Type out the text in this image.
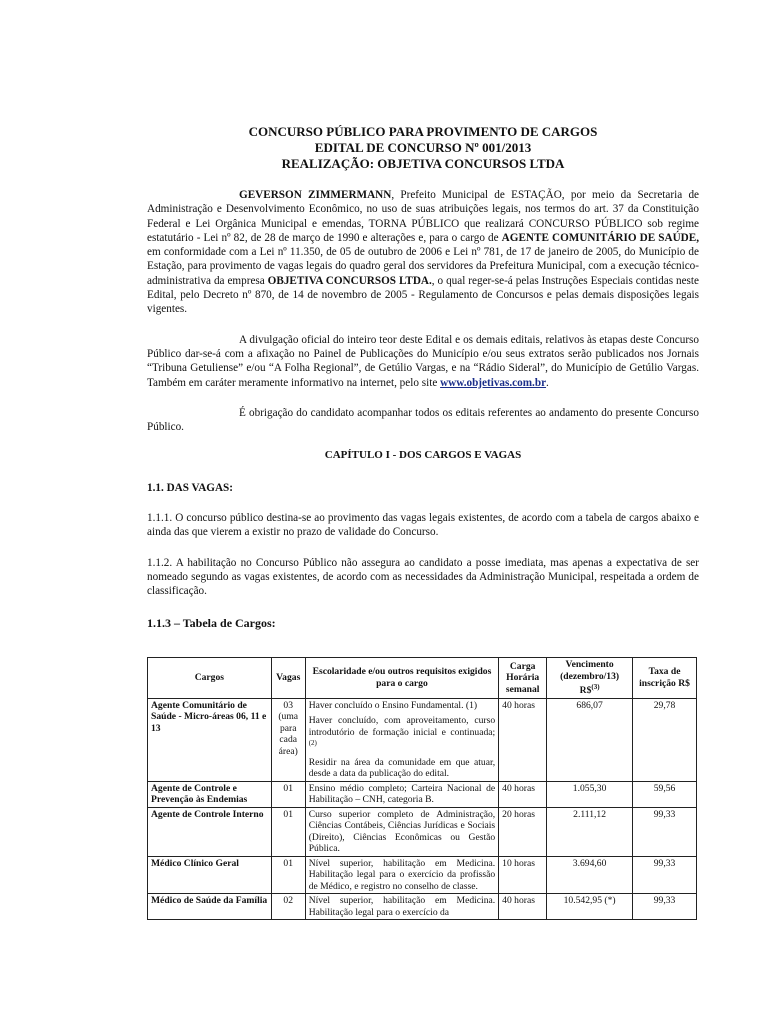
CONCURSO PÚBLICO PARA PROVIMENTO DE CARGOS

EDITAL DE CONCURSO Nº 001/2013

REALIZAÇÃO: OBJETIVA CONCURSOS LTDA

GEVERSON ZIMMERMANN, Prefeito Municipal de ESTAÇÃO, por meio da Secretaria de Administração e Desenvolvimento Econômico, no uso de suas atribuições legais, nos termos do art. 37 da Constituição Federal e Lei Orgânica Municipal e emendas, TORNA PÚBLICO que realizará CONCURSO PÚBLICO sob regime estatutário - Lei nº 82, de 28 de março de 1990 e alterações e, para o cargo de AGENTE COMUNITÁRIO DE SAÚDE, em conformidade com a Lei nº 11.350, de 05 de outubro de 2006 e Lei nº 781, de 17 de janeiro de 2005, do Município de Estação, para provimento de vagas legais do quadro geral dos servidores da Prefeitura Municipal, com a execução técnico-administrativa da empresa OBJETIVA CONCURSOS LTDA., o qual reger-se-á pelas Instruções Especiais contidas neste Edital, pelo Decreto nº 870, de 14 de novembro de 2005 - Regulamento de Concursos e pelas demais disposições legais vigentes.

A divulgação oficial do inteiro teor deste Edital e os demais editais, relativos às etapas deste Concurso Público dar-se-á com a afixação no Painel de Publicações do Município e/ou seus extratos serão publicados nos Jornais “Tribuna Getuliense” e/ou “A Folha Regional”, de Getúlio Vargas, e na “Rádio Sideral”, do Município de Getúlio Vargas. Também em caráter meramente informativo na internet, pelo site www.objetivas.com.br.

É obrigação do candidato acompanhar todos os editais referentes ao andamento do presente Concurso Público.

CAPÍTULO I - DOS CARGOS E VAGAS

1.1. DAS VAGAS:

1.1.1. O concurso público destina-se ao provimento das vagas legais existentes, de acordo com a tabela de cargos abaixo e ainda das que vierem a existir no prazo de validade do Concurso.

1.1.2. A habilitação no Concurso Público não assegura ao candidato a posse imediata, mas apenas a expectativa de ser nomeado segundo as vagas existentes, de acordo com as necessidades da Administração Municipal, respeitada a ordem de classificação.

1.1.3 – Tabela de Cargos:

Cargos	Vagas	Escolaridade e/ou outros requisitos exigidos para o cargo	Carga Horária semanal	Vencimento (dezembro/13) R\$$^{(3)}$	Taxa de inscrição R$
Agente Comunitário de Saúde - Micro-áreas 06, 11 e 13	03 (uma para cada área)	Haver concluído o Ensino Fundamental. (1)

Haver concluído, com aproveitamento, curso introdutório de formação inicial e continuada; $^{(2)}$

Residir na área da comunidade em que atuar, desde a data da publicação do edital.	40 horas	686,07	29,78
Agente de Controle e Prevenção às Endemias	01	Ensino médio completo; Carteira Nacional de Habilitação – CNH, categoria B.	40 horas	1.055,30	59,56
Agente de Controle Interno	01	Curso superior completo de Administração, Ciências Contábeis, Ciências Jurídicas e Sociais (Direito), Ciências Econômicas ou Gestão Pública.	20 horas	2.111,12	99,33
Médico Clínico Geral	01	Nível superior, habilitação em Medicina. Habilitação legal para o exercício da profissão de Médico, e registro no conselho de classe.	10 horas	3.694,60	99,33
Médico de Saúde da Família	02	Nível superior, habilitação em Medicina. Habilitação legal para o exercício da	40 horas	10.542,95 (*)	99,33
